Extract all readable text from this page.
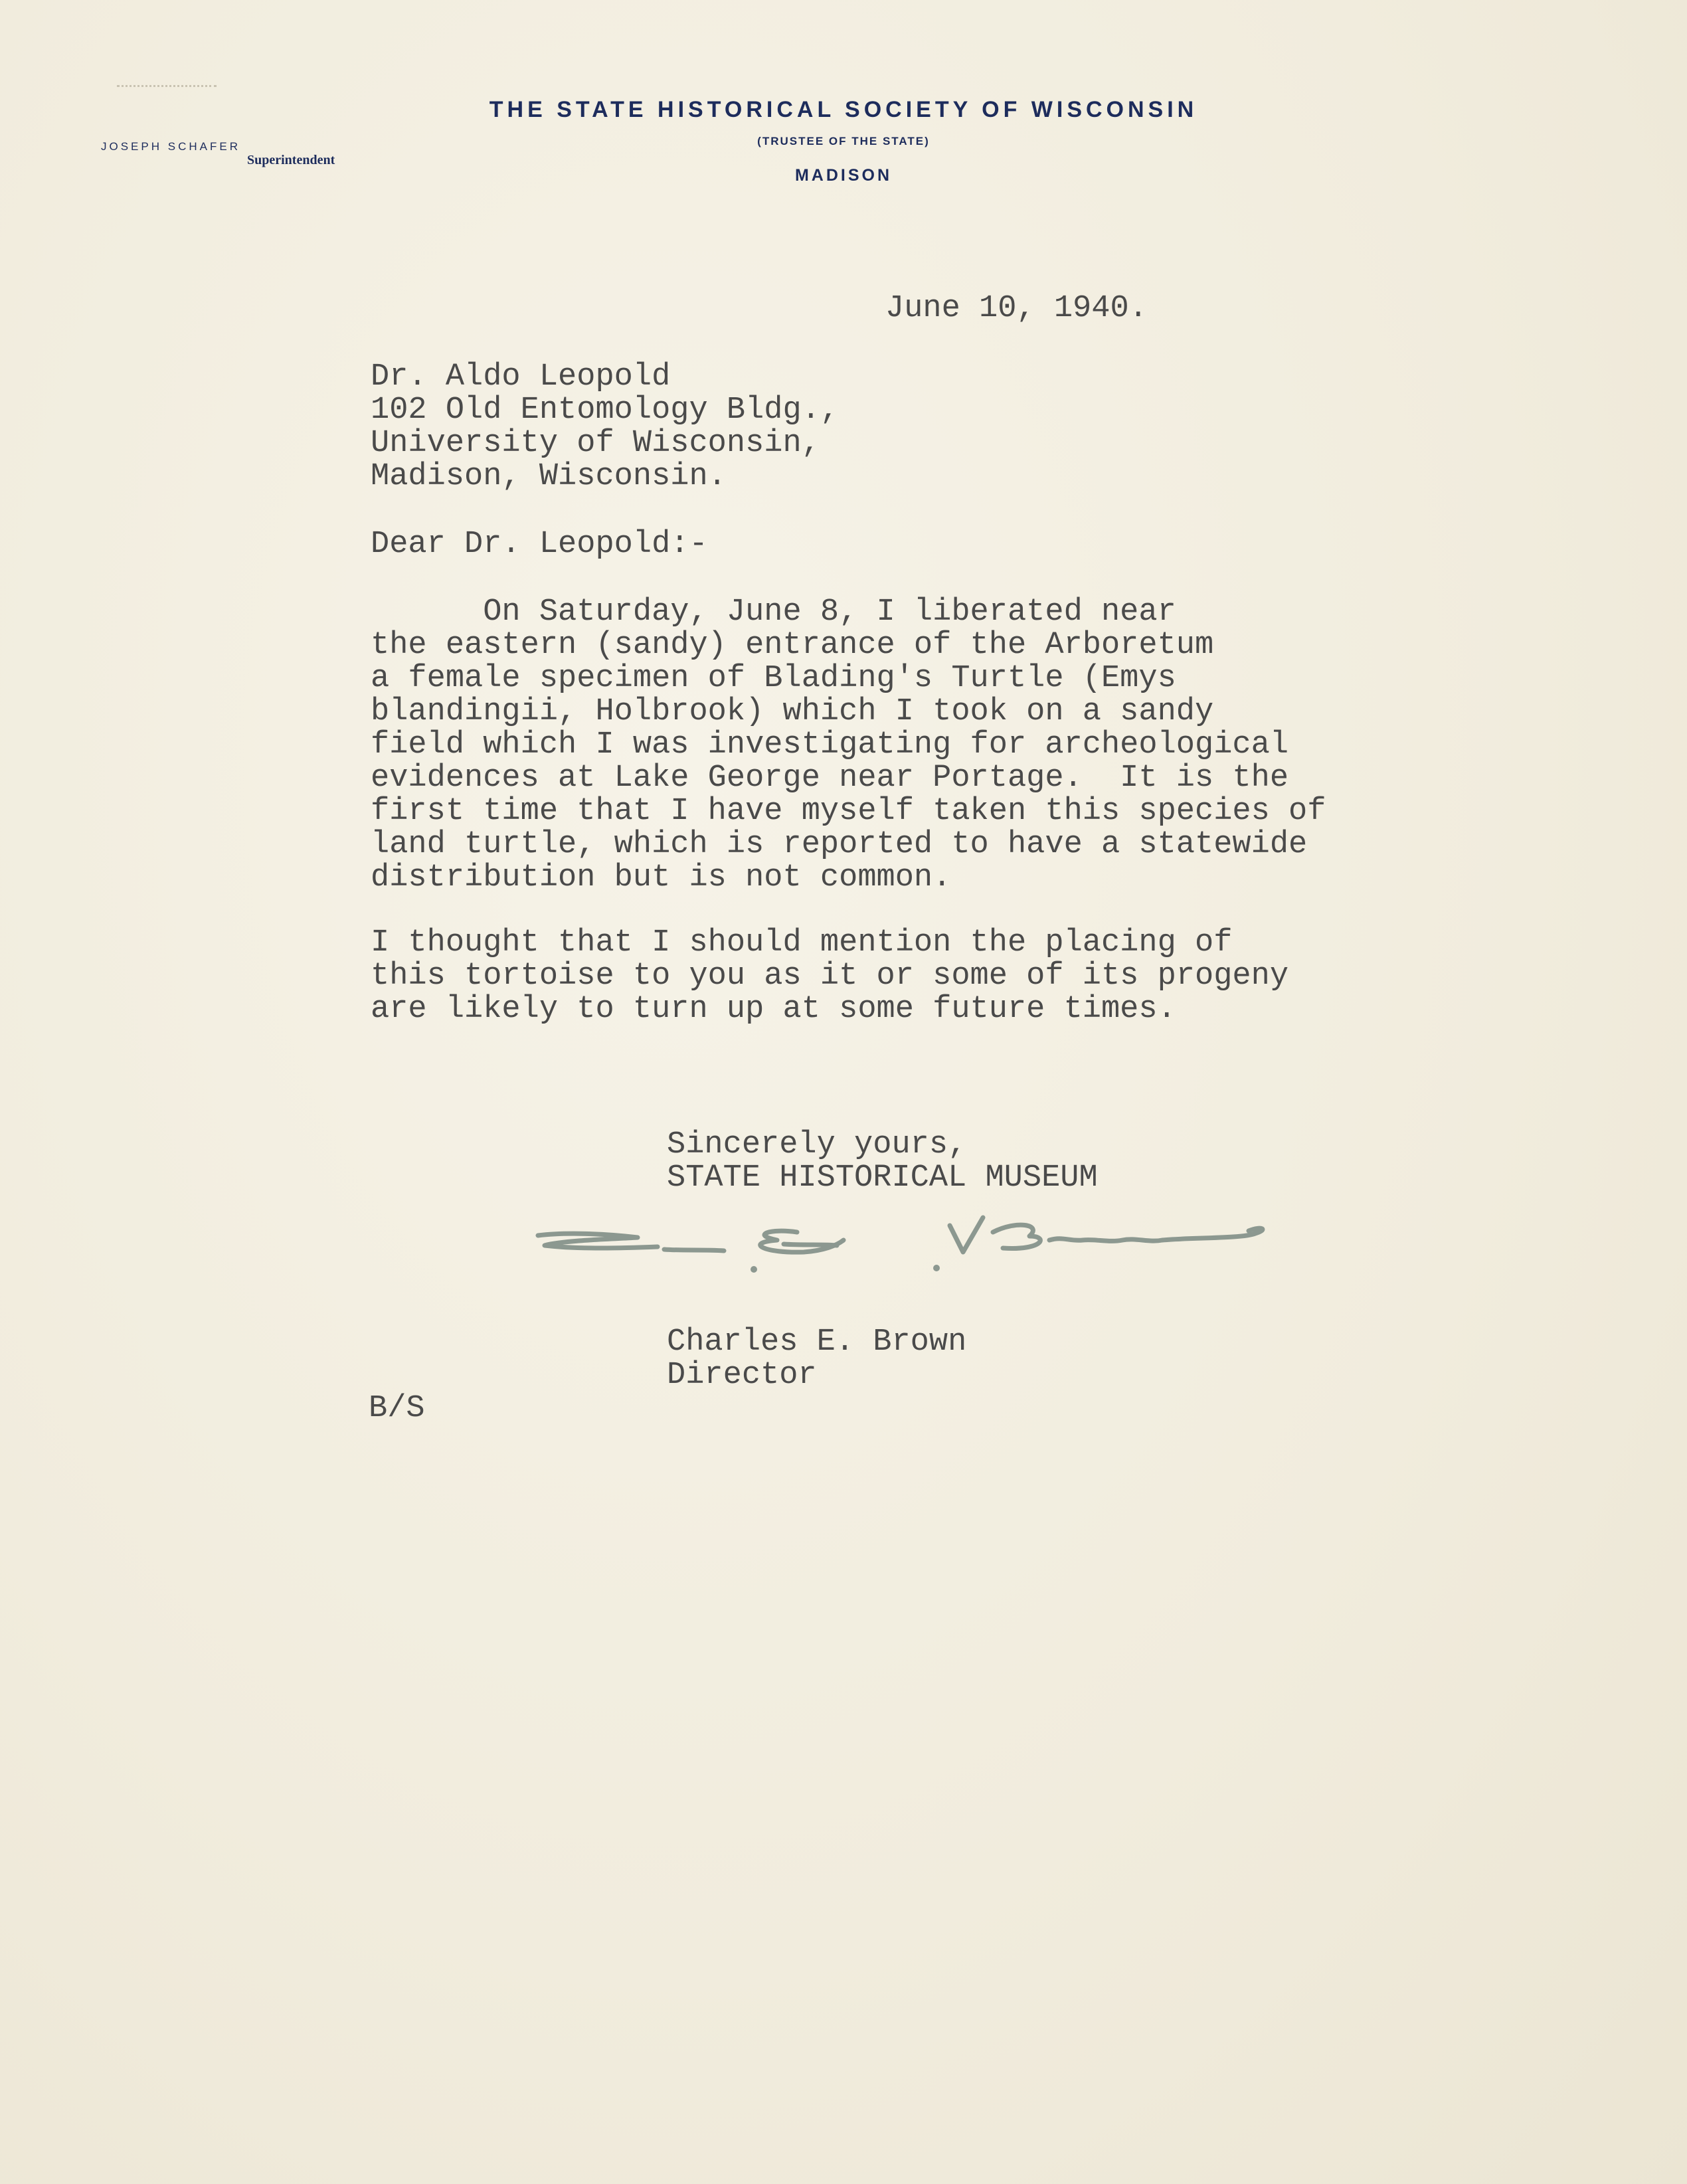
THE STATE HISTORICAL SOCIETY OF WISCONSIN
(TRUSTEE OF THE STATE)
MADISON
JOSEPH SCHAFER
Superintendent
June 10, 1940.
Dr. Aldo Leopold
102 Old Entomology Bldg.,
University of Wisconsin,
Madison, Wisconsin.
Dear Dr. Leopold:-
On Saturday, June 8, I liberated near
the eastern (sandy) entrance of the Arboretum
a female specimen of Blading's Turtle (Emys
blandingii, Holbrook) which I took on a sandy
field which I was investigating for archeological
evidences at Lake George near Portage.  It is the
first time that I have myself taken this species of
land turtle, which is reported to have a statewide
distribution but is not common.
I thought that I should mention the placing of
this tortoise to you as it or some of its progeny
are likely to turn up at some future times.
Sincerely yours,
STATE HISTORICAL MUSEUM
Charles E. Brown
Director
B/S
